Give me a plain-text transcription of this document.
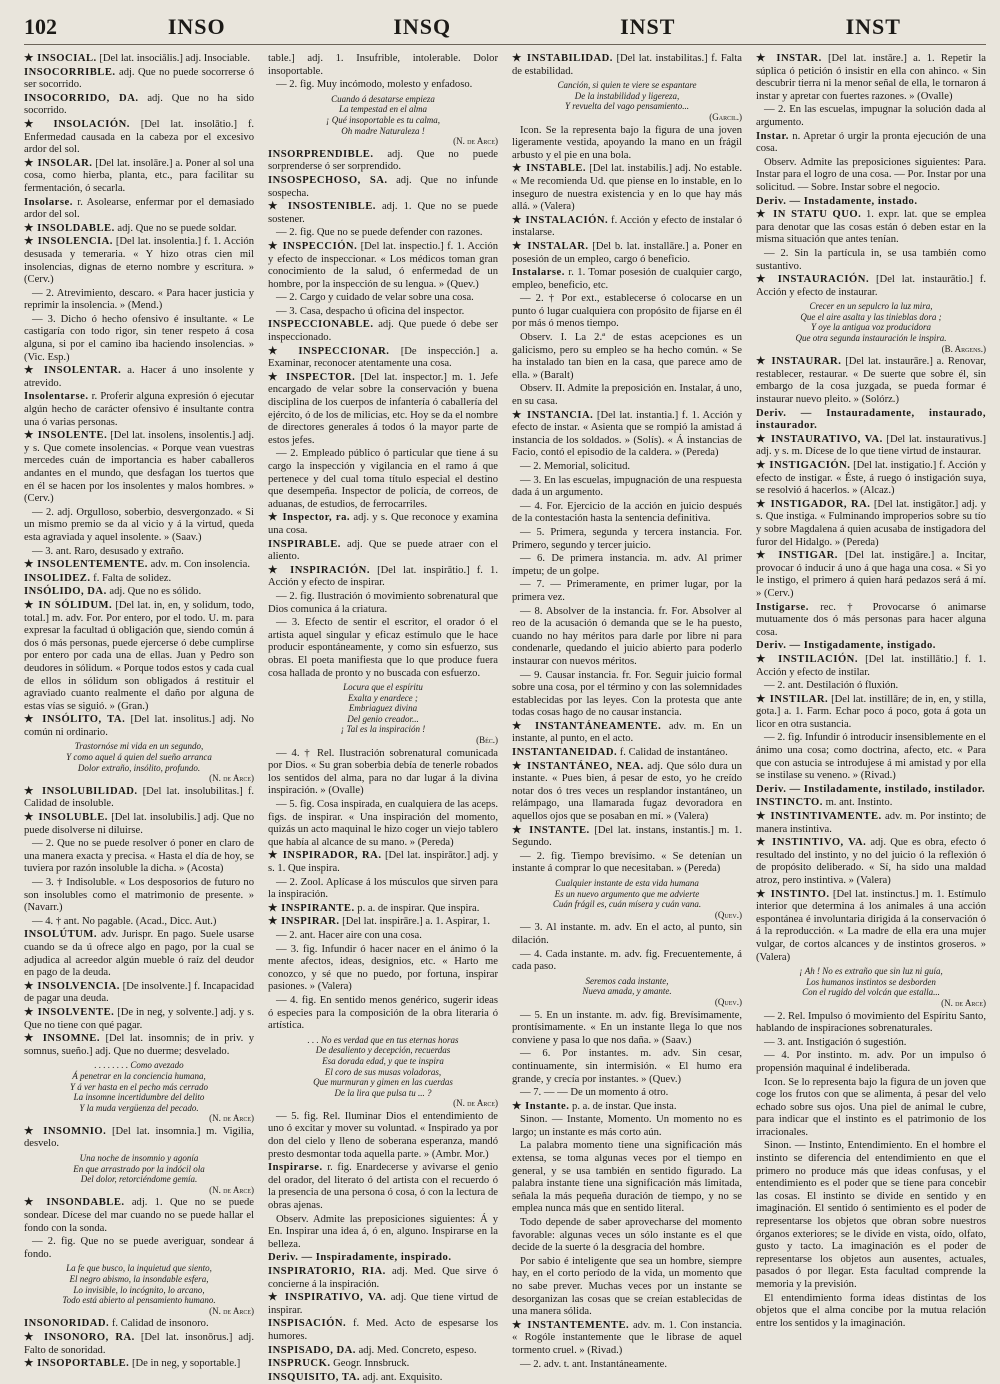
102	INSO	INSQ	INST	INST

★ INSOCIAL. [Del lat. insociālis.] adj. Insociable.

INSOCORRIBLE. adj. Que no puede socorrerse ó ser socorrido.

INSOCORRIDO, DA. adj. Que no ha sido socorrido.

★ INSOLACIÓN. [Del lat. insolātio.] f. Enfermedad causada en la cabeza por el excesivo ardor del sol.

★ INSOLAR. [Del lat. insolāre.] a. Poner al sol una cosa, como hierba, planta, etc., para facilitar su fermentación, ó secarla.

Insolarse. r. Asolearse, enfermar por el demasiado ardor del sol.

★ INSOLDABLE. adj. Que no se puede soldar.

★ INSOLENCIA. [Del lat. insolentia.] f. 1. Acción desusada y temeraria. « Y hizo otras cien mil insolencias, dignas de eterno nombre y escritura. » (Cerv.)

— 2. Atrevimiento, descaro. « Para hacer justicia y reprimir la insolencia. » (Mend.)

— 3. Dicho ó hecho ofensivo é insultante. « Le castigaría con todo rigor, sin tener respeto á cosa alguna, si por el camino iba haciendo insolencias. » (Vic. Esp.)

★ INSOLENTAR. a. Hacer á uno insolente y atrevido.

Insolentarse. r. Proferir alguna expresión ó ejecutar algún hecho de carácter ofensivo é insultante contra una ó varias personas.

★ INSOLENTE. [Del lat. insolens, insolentis.] adj. y s. Que comete insolencias. « Porque vean vuestras mercedes cuán de importancia es haber caballeros andantes en el mundo, que desfagan los tuertos que en él se hacen por los insolentes y malos hombres. » (Cerv.)

— 2. adj. Orgulloso, soberbio, desvergonzado. « Si un mismo premio se da al vicio y á la virtud, queda esta agraviada y aquel insolente. » (Saav.)

— 3. ant. Raro, desusado y extraño.

★ INSOLENTEMENTE. adv. m. Con insolencia.

INSOLIDEZ. f. Falta de solidez.

INSÓLIDO, DA. adj. Que no es sólido.

★ IN SÓLIDUM. [Del lat. in, en, y solidum, todo, total.] m. adv. For. Por entero, por el todo. U. m. para expresar la facultad ú obligación que, siendo común á dos ó más personas, puede ejercerse ó debe cumplirse por entero por cada una de ellas. Juan y Pedro son deudores in sólidum. « Porque todos estos y cada cual de ellos in sólidum son obligados á restituir el agraviado cuanto realmente el daño por alguna de estas vías se siguió. » (Gran.)

★ INSÓLITO, TA. [Del lat. insolitus.] adj. No común ni ordinario.

Trastornóse mi vida en un segundo,
Y como aquel á quien del sueño arranca
Dolor extraño, insólito, profundo.
(N. de Arce)

★ INSOLUBILIDAD. [Del lat. insolubilitas.] f. Calidad de insoluble.

★ INSOLUBLE. [Del lat. insolubilis.] adj. Que no puede disolverse ni diluirse.

— 2. Que no se puede resolver ó poner en claro de una manera exacta y precisa. « Hasta el día de hoy, se tuviera por razón insoluble la dicha. » (Acosta)

— 3. † Indisoluble. « Los desposorios de futuro no son insolubles como el matrimonio de presente. » (Navarr.)

— 4. † ant. No pagable. (Acad., Dicc. Aut.)

INSOLÚTUM. adv. Jurispr. En pago. Suele usarse cuando se da ú ofrece algo en pago, por la cual se adjudica al acreedor algún mueble ó raíz del deudor en pago de la deuda.

★ INSOLVENCIA. [De insolvente.] f. Incapacidad de pagar una deuda.

★ INSOLVENTE. [De in neg, y solvente.] adj. y s. Que no tiene con qué pagar.

★ INSOMNE. [Del lat. insomnis; de in priv. y somnus, sueño.] adj. Que no duerme; desvelado.

. . . . . . . . Como avezado
Á penetrar en la conciencia humana,
Y á ver hasta en el pecho más cerrado
La insomne incertidumbre del delito
Y la muda vergüenza del pecado.
(N. de Arce)

★ INSOMNIO. [Del lat. insomnia.] m. Vigilia, desvelo.

Una noche de insomnio y agonía
En que arrastrado por la indócil ola
Del dolor, retorciéndome gemía.
(N. de Arce)

★ INSONDABLE. adj. 1. Que no se puede sondear. Dícese del mar cuando no se puede hallar el fondo con la sonda.

— 2. fig. Que no se puede averiguar, sondear á fondo.

La fe que busco, la inquietud que siento,
El negro abismo, la insondable esfera,
Lo invisible, lo incógnito, lo arcano,
Todo está abierto al pensamiento humano.
(N. de Arce)

INSONORIDAD. f. Calidad de insonoro.

★ INSONORO, RA. [Del lat. insonōrus.] adj. Falto de sonoridad.

★ INSOPORTABLE. [De in neg, y soportable.]

table.] adj. 1. Insufrible, intolerable. Dolor insoportable.

— 2. fig. Muy incómodo, molesto y enfadoso.

Cuando á desatarse empieza
La tempestad en el alma
¡ Qué insoportable es tu calma,
Oh madre Naturaleza !
(N. de Arce)

INSORPRENDIBLE. adj. Que no puede sorprenderse ó ser sorprendido.

INSOSPECHOSO, SA. adj. Que no infunde sospecha.

★ INSOSTENIBLE. adj. 1. Que no se puede sostener.

— 2. fig. Que no se puede defender con razones.

★ INSPECCIÓN. [Del lat. inspectio.] f. 1. Acción y efecto de inspeccionar. « Los médicos toman gran conocimiento de la salud, ó enfermedad de un hombre, por la inspección de su lengua. » (Quev.)

— 2. Cargo y cuidado de velar sobre una cosa.

— 3. Casa, despacho ú oficina del inspector.

INSPECCIONABLE. adj. Que puede ó debe ser inspeccionado.

★ INSPECCIONAR. [De inspección.] a. Examinar, reconocer atentamente una cosa.

★ INSPECTOR. [Del lat. inspector.] m. 1. Jefe encargado de velar sobre la conservación y buena disciplina de los cuerpos de infantería ó caballería del ejército, ó de los de milicias, etc. Hoy se da el nombre de directores generales á todos ó la mayor parte de estos jefes.

— 2. Empleado público ó particular que tiene á su cargo la inspección y vigilancia en el ramo á que pertenece y del cual toma título especial el destino que desempeña. Inspector de policía, de correos, de aduanas, de estudios, de ferrocarriles.

★ Inspector, ra. adj. y s. Que reconoce y examina una cosa.

INSPIRABLE. adj. Que se puede atraer con el aliento.

★ INSPIRACIÓN. [Del lat. inspirātio.] f. 1. Acción y efecto de inspirar.

— 2. fig. Ilustración ó movimiento sobrenatural que Dios comunica á la criatura.

— 3. Efecto de sentir el escritor, el orador ó el artista aquel singular y eficaz estímulo que le hace producir espontáneamente, y como sin esfuerzo, sus obras. El poeta manifiesta que lo que produce fuera cosa hallada de pronto y no buscada con esfuerzo.

Locura que el espíritu
Exalta y enardece ;
Embriaguez divina
Del genio creador...
¡ Tal es la inspiración !
(Béc.)

— 4. † Rel. Ilustración sobrenatural comunicada por Dios. « Su gran soberbia debía de tenerle robados los sentidos del alma, para no dar lugar á la divina inspiración. » (Ovalle)

— 5. fig. Cosa inspirada, en cualquiera de las aceps. figs. de inspirar. « Una inspiración del momento, quizás un acto maquinal le hizo coger un viejo tablero que había al alcance de su mano. » (Pereda)

★ INSPIRADOR, RA. [Del lat. inspirātor.] adj. y s. 1. Que inspira.

— 2. Zool. Aplícase á los músculos que sirven para la inspiración.

★ INSPIRANTE. p. a. de inspirar. Que inspira.

★ INSPIRAR. [Del lat. inspirāre.] a. 1. Aspirar, 1.

— 2. ant. Hacer aire con una cosa.

— 3. fig. Infundir ó hacer nacer en el ánimo ó la mente afectos, ideas, designios, etc. « Harto me conozco, y sé que no puedo, por fortuna, inspirar pasiones. » (Valera)

— 4. fig. En sentido menos genérico, sugerir ideas ó especies para la composición de la obra literaria ó artística.

. . . No es verdad que en tus eternas horas
De desaliento y decepción, recuerdas
Esa dorada edad, y que te inspira
El coro de sus musas voladoras,
Que murmuran y gimen en las cuerdas
De la lira que pulsa tu ... ?
(N. de Arce)

— 5. fig. Rel. Iluminar Dios el entendimiento de uno ó excitar y mover su voluntad. « Inspirado ya por don del cielo y lleno de soberana esperanza, mandó presto desmontar toda aquella parte. » (Ambr. Mor.)

Inspirarse. r. fig. Enardecerse y avivarse el genio del orador, del literato ó del artista con el recuerdo ó la presencia de una persona ó cosa, ó con la lectura de obras ajenas.

Observ. Admite las preposiciones siguientes: Á y En. Inspirar una idea á, ó en, alguno. Inspirarse en la belleza.

Deriv. — Inspiradamente, inspirado.

INSPIRATORIO, RIA. adj. Med. Que sirve ó concierne á la inspiración.

★ INSPIRATIVO, VA. adj. Que tiene virtud de inspirar.

INSPISACIÓN. f. Med. Acto de espesarse los humores.

INSPISADO, DA. adj. Med. Concreto, espeso.

INSPRUCK. Geogr. Innsbruck.

INSQUISITO, TA. adj. ant. Exquisito.

★ INSTABILIDAD. [Del lat. instabilitas.] f. Falta de estabilidad.

Canción, si quien te viere se espantare
De la instabilidad y ligereza,
Y revuelta del vago pensamiento...
(Garcil.)

Icon. Se la representa bajo la figura de una joven ligeramente vestida, apoyando la mano en un frágil arbusto y el pie en una bola.

★ INSTABLE. [Del lat. instabilis.] adj. No estable. « Me recomienda Ud. que piense en lo instable, en lo inseguro de nuestra existencia y en lo que hay más allá. » (Valera)

★ INSTALACIÓN. f. Acción y efecto de instalar ó instalarse.

★ INSTALAR. [Del b. lat. installāre.] a. Poner en posesión de un empleo, cargo ó beneficio.

Instalarse. r. 1. Tomar posesión de cualquier cargo, empleo, beneficio, etc.

— 2. † Por ext., establecerse ó colocarse en un punto ó lugar cualquiera con propósito de fijarse en él por más ó menos tiempo.

Observ. I. La 2.ª de estas acepciones es un galicismo, pero su empleo se ha hecho común. « Se ha instalado tan bien en la casa, que parece amo de ella. » (Baralt)

Observ. II. Admite la preposición en. Instalar, á uno, en su casa.

★ INSTANCIA. [Del lat. instantia.] f. 1. Acción y efecto de instar. « Asienta que se rompió la amistad á instancia de los soldados. » (Solís). « Á instancias de Facio, contó el episodio de la caldera. » (Pereda)

— 2. Memorial, solicitud.

— 3. En las escuelas, impugnación de una respuesta dada á un argumento.

— 4. For. Ejercicio de la acción en juicio después de la contestación hasta la sentencia definitiva.

— 5. Primera, segunda y tercera instancia. For. Primero, segundo y tercer juicio.

— 6. De primera instancia. m. adv. Al primer ímpetu; de un golpe.

— 7. — Primeramente, en primer lugar, por la primera vez.

— 8. Absolver de la instancia. fr. For. Absolver al reo de la acusación ó demanda que se le ha puesto, cuando no hay méritos para darle por libre ni para condenarle, quedando el juicio abierto para poderlo instaurar con nuevos méritos.

— 9. Causar instancia. fr. For. Seguir juicio formal sobre una cosa, por el término y con las solemnidades establecidas por las leyes. Con la protesta que ante todas cosas hago de no causar instancia.

★ INSTANTÁNEAMENTE. adv. m. En un instante, al punto, en el acto.

INSTANTANEIDAD. f. Calidad de instantáneo.

★ INSTANTÁNEO, NEA. adj. Que sólo dura un instante. « Pues bien, á pesar de esto, yo he creído notar dos ó tres veces un resplandor instantáneo, un relámpago, una llamarada fugaz devoradora en aquellos ojos que se posaban en mí. » (Valera)

★ INSTANTE. [Del lat. instans, instantis.] m. 1. Segundo.

— 2. fig. Tiempo brevísimo. « Se detenían un instante á comprar lo que necesitaban. » (Pereda)

Cualquier instante de esta vida humana
Es un nuevo argumento que me advierte
Cuán frágil es, cuán mísera y cuán vana.
(Quev.)

— 3. Al instante. m. adv. En el acto, al punto, sin dilación.

— 4. Cada instante. m. adv. fig. Frecuentemente, á cada paso.

Seremos cada instante,
Nueva amada, y amante.
(Quev.)

— 5. En un instante. m. adv. fig. Brevísimamente, prontísimamente. « En un instante llega lo que nos conviene y pasa lo que nos daña. » (Saav.)

— 6. Por instantes. m. adv. Sin cesar, continuamente, sin intermisión. « El humo era grande, y crecía por instantes. » (Quev.)

— 7. — — De un momento á otro.

★ Instante. p. a. de instar. Que insta.

Sinon. — Instante, Momento. Un momento no es largo; un instante es más corto aún.

La palabra momento tiene una significación más extensa, se toma algunas veces por el tiempo en general, y se usa también en sentido figurado. La palabra instante tiene una significación más limitada, señala la más pequeña duración de tiempo, y no se emplea nunca más que en sentido literal.

Todo depende de saber aprovecharse del momento favorable: algunas veces un sólo instante es el que decide de la suerte ó la desgracia del hombre.

Por sabio é inteligente que sea un hombre, siempre hay, en el corto período de la vida, un momento que no sabe prever. Muchas veces por un instante se desorganizan las cosas que se creían establecidas de una manera sólida.

★ INSTANTEMENTE. adv. m. 1. Con instancia. « Rogóle instantemente que le librase de aquel tormento cruel. » (Rivad.)

— 2. adv. t. ant. Instantáneamente.

★ INSTAR. [Del lat. instāre.] a. 1. Repetir la súplica ó petición ó insistir en ella con ahinco. « Sin descubrir tierra ni la menor señal de ella, le tornaron á instar y apretar con fuertes razones. » (Ovalle)

— 2. En las escuelas, impugnar la solución dada al argumento.

Instar. n. Apretar ó urgir la pronta ejecución de una cosa.

Observ. Admite las preposiciones siguientes: Para. Instar para el logro de una cosa. — Por. Instar por una solicitud. — Sobre. Instar sobre el negocio.

Deriv. — Instadamente, instado.

★ IN STATU QUO. 1. expr. lat. que se emplea para denotar que las cosas están ó deben estar en la misma situación que antes tenían.

— 2. Sin la partícula in, se usa también como sustantivo.

★ INSTAURACIÓN. [Del lat. instaurātio.] f. Acción y efecto de instaurar.

Crecer en un sepulcro la luz mira,
Que el aire asalta y las tinieblas dora ;
Y oye la antigua voz producidora
Que otra segunda instauración le inspira.
(B. Argens.)

★ INSTAURAR. [Del lat. instaurāre.] a. Renovar, restablecer, restaurar. « De suerte que sobre él, sin embargo de la cosa juzgada, se pueda formar é instaurar nuevo pleito. » (Solórz.)

Deriv. — Instauradamente, instaurado, instaurador.

★ INSTAURATIVO, VA. [Del lat. instaurativus.] adj. y s. m. Dícese de lo que tiene virtud de instaurar.

★ INSTIGACIÓN. [Del lat. instigatio.] f. Acción y efecto de instigar. « Éste, á ruego ó instigación suya, se resolvió á hacerlos. » (Alcaz.)

★ INSTIGADOR, RA. [Del lat. instigātor.] adj. y s. Que instiga. « Fulminando improperios sobre su tío y sobre Magdalena á quien acusaba de instigadora del furor del Hidalgo. » (Pereda)

★ INSTIGAR. [Del lat. instigāre.] a. Incitar, provocar ó inducir á uno á que haga una cosa. « Si yo le instigo, el primero á quien hará pedazos será á mí. » (Cerv.)

Instigarse. rec. † Provocarse ó animarse mutuamente dos ó más personas para hacer alguna cosa.

Deriv. — Instigadamente, instigado.

★ INSTILACIÓN. [Del lat. instillātio.] f. 1. Acción y efecto de instilar.

— 2. ant. Destilación ó fluxión.

★ INSTILAR. [Del lat. instillāre; de in, en, y stilla, gota.] a. 1. Farm. Echar poco á poco, gota á gota un licor en otra sustancia.

— 2. fig. Infundir ó introducir insensiblemente en el ánimo una cosa; como doctrina, afecto, etc. « Para que con astucia se introdujese á mi amistad y por ella se instilase su veneno. » (Rivad.)

Deriv. — Instiladamente, instilado, instilador.

INSTINCTO. m. ant. Instinto.

★ INSTINTIVAMENTE. adv. m. Por instinto; de manera instintiva.

★ INSTINTIVO, VA. adj. Que es obra, efecto ó resultado del instinto, y no del juicio ó la reflexión ó de propósito deliberado. « Sí, ha sido una maldad atroz, pero instintiva. » (Valera)

★ INSTINTO. [Del lat. instinctus.] m. 1. Estímulo interior que determina á los animales á una acción espontánea é involuntaria dirigida á la conservación ó á la reproducción. « La madre de ella era una mujer vulgar, de cortos alcances y de instintos groseros. » (Valera)

¡ Ah ! No es extraño que sin luz ni guía,
Los humanos instintos se desborden
Con el rugido del volcán que estalla...
(N. de Arce)

— 2. Rel. Impulso ó movimiento del Espíritu Santo, hablando de inspiraciones sobrenaturales.

— 3. ant. Instigación ó sugestión.

— 4. Por instinto. m. adv. Por un impulso ó propensión maquinal é indeliberada.

Icon. Se lo representa bajo la figura de un joven que coge los frutos con que se alimenta, á pesar del velo echado sobre sus ojos. Una piel de animal le cubre, para indicar que el instinto es el patrimonio de los irracionales.

Sinon. — Instinto, Entendimiento. En el hombre el instinto se diferencia del entendimiento en que el primero no produce más que ideas confusas, y el entendimiento es el poder que se tiene para concebir las cosas. El instinto se divide en sentido y en imaginación. El sentido ó sentimiento es el poder de representarse los objetos que obran sobre nuestros órganos exteriores; se le divide en vista, oído, olfato, gusto y tacto. La imaginación es el poder de representarse los objetos aun ausentes, actuales, pasados ó por llegar. Esta facultad comprende la memoria y la previsión.

El entendimiento forma ideas distintas de los objetos que el alma concibe por la mutua relación entre los sentidos y la imaginación.
